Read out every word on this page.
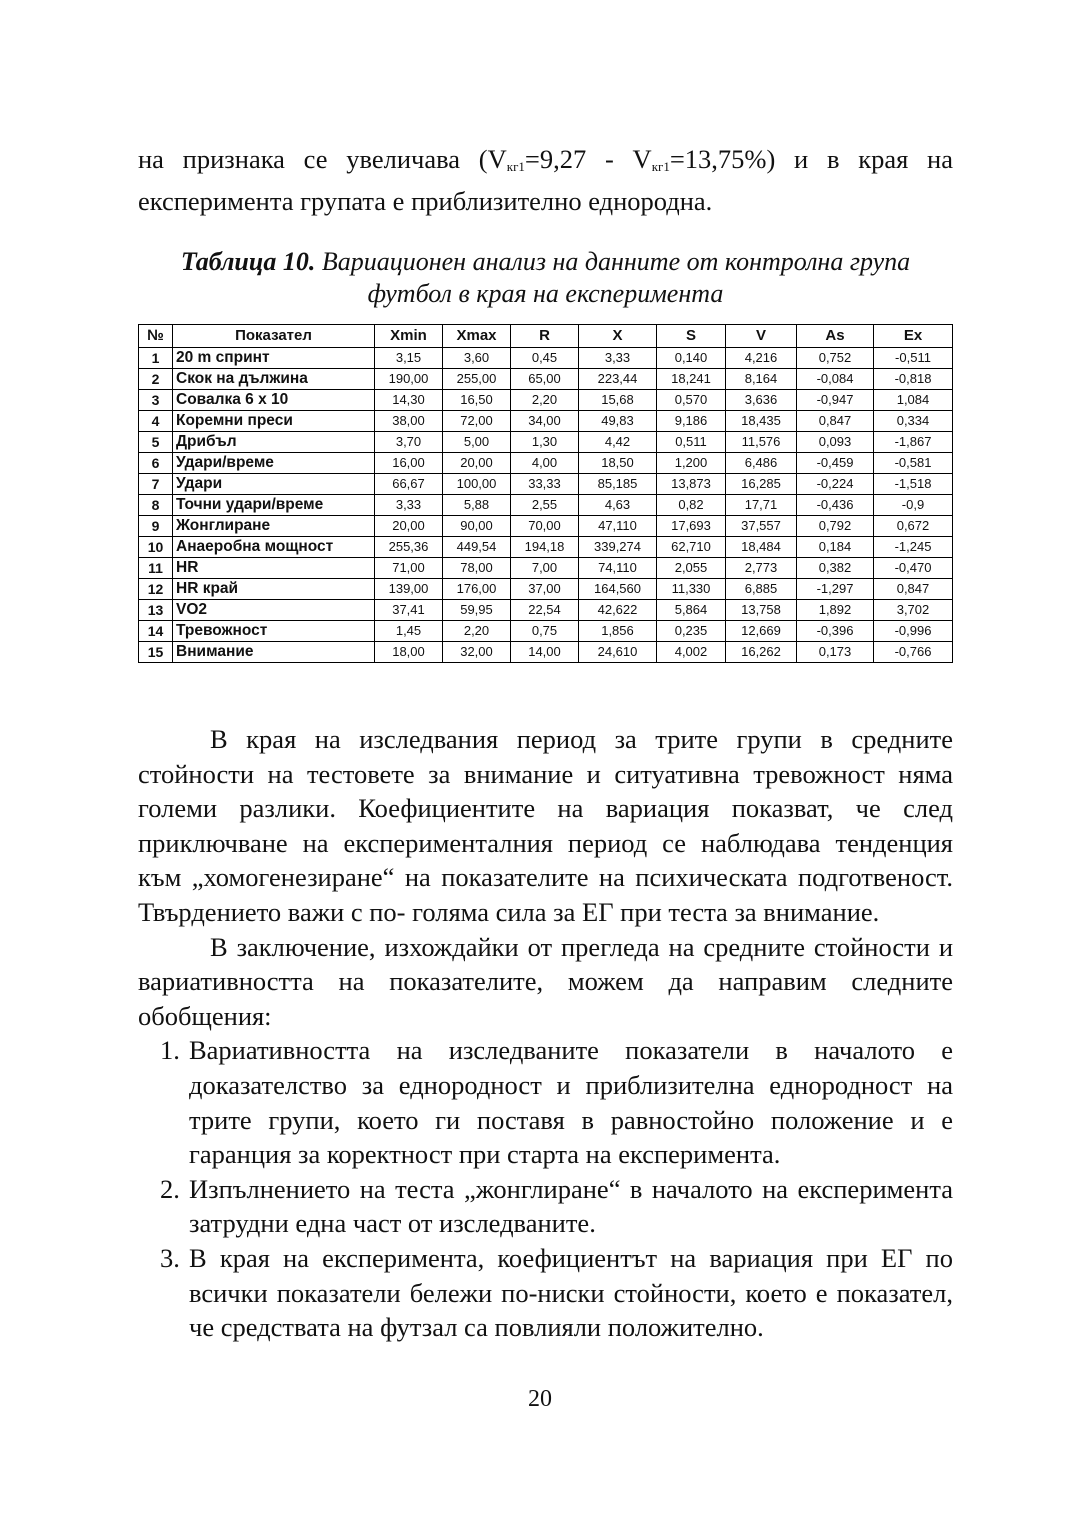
на признака се увеличава $(V_{кг1}=9,27 - V_{кг1}=13,75\%)$ и в края на
експеримента групата е приблизително еднородна.
Таблица 10. Вариационен анализ на данните от контролна група
футбол в края на експеримента
№	Показател	Xmin	Xmax	R	X	S	V	As	Ex
1	20 m спринт	3,15	3,60	0,45	3,33	0,140	4,216	0,752	-0,511
2	Скок на дължина	190,00	255,00	65,00	223,44	18,241	8,164	-0,084	-0,818
3	Совалка 6 х 10	14,30	16,50	2,20	15,68	0,570	3,636	-0,947	1,084
4	Коремни преси	38,00	72,00	34,00	49,83	9,186	18,435	0,847	0,334
5	Дрибъл	3,70	5,00	1,30	4,42	0,511	11,576	0,093	-1,867
6	Удари/време	16,00	20,00	4,00	18,50	1,200	6,486	-0,459	-0,581
7	Удари	66,67	100,00	33,33	85,185	13,873	16,285	-0,224	-1,518
8	Точни удари/време	3,33	5,88	2,55	4,63	0,82	17,71	-0,436	-0,9
9	Жонглиране	20,00	90,00	70,00	47,110	17,693	37,557	0,792	0,672
10	Анаеробна мощност	255,36	449,54	194,18	339,274	62,710	18,484	0,184	-1,245
11	HR	71,00	78,00	7,00	74,110	2,055	2,773	0,382	-0,470
12	HR край	139,00	176,00	37,00	164,560	11,330	6,885	-1,297	0,847
13	VO2	37,41	59,95	22,54	42,622	5,864	13,758	1,892	3,702
14	Тревожност	1,45	2,20	0,75	1,856	0,235	12,669	-0,396	-0,996
15	Внимание	18,00	32,00	14,00	24,610	4,002	16,262	0,173	-0,766

В края на изследвания период за трите групи в средните стойности на тестовете за внимание и ситуативна тревожност няма големи разлики. Коефициентите на вариация показват, че след приключване на експерименталния период се наблюдава тенденция към „хомогенезиране“ на показателите на психическата подготвеност. Твърдението важи с по- голяма сила за ЕГ при теста за внимание.

В заключение, изхождайки от прегледа на средните стойности и вариативността на показателите, можем да направим следните обобщения:

1. Вариативността на изследваните показатели в началото е доказателство за еднородност и приблизителна еднородност на трите групи, което ги поставя в равностойно положение и е гаранция за коректност при старта на експеримента.
2. Изпълнението на теста „жонглиране“ в началото на експеримента затрудни една част от изследваните.
3. В края на експеримента, коефициентът на вариация при ЕГ по всички показатели бележи по-ниски стойности, което е показател, че средствата на футзал са повлияли положително.
20
